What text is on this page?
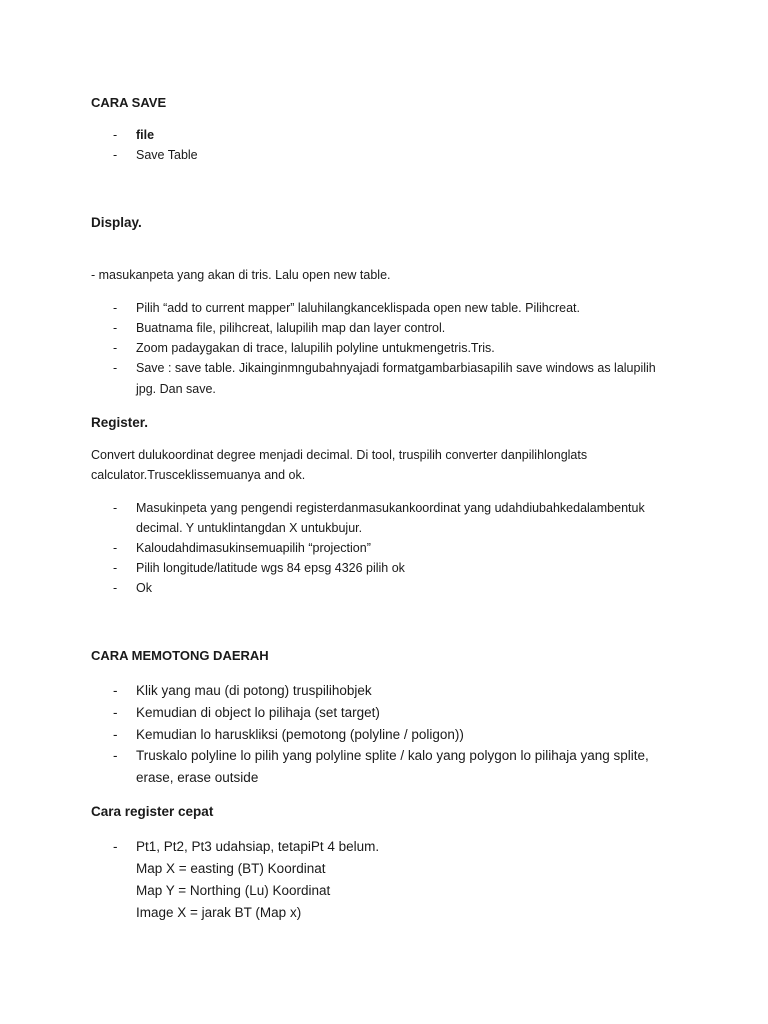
CARA SAVE
- file
- Save Table
Display.
- masukanpeta yang akan di tris. Lalu open new table.
- Pilih “add to current mapper” laluhilangkanceklispada open new table. Pilihcreat.
- Buatnama file, pilihcreat, lalupilih map dan layer control.
- Zoom padaygakan di trace, lalupilih polyline untukmengetris.Tris.
- Save : save table. Jikainginmngubahnyajadi formatgambarbiasapilih save windows as lalupilih
jpg. Dan save.
Register.
Convert dulukoordinat degree menjadi decimal. Di tool, truspilih converter danpilihlonglats
calculator.Trusceklissemuanya and ok.
- Masukinpeta yang pengendi registerdanmasukankoordinat yang udahdiubahkedalambentuk
decimal. Y untuklintangdan X untukbujur.
- Kaloudahdimasukinsemuapilih “projection”
- Pilih longitude/latitude wgs 84 epsg 4326 pilih ok
- Ok
CARA MEMOTONG DAERAH
- Klik yang mau (di potong) truspilihobjek
- Kemudian di object lo pilihaja (set target)
- Kemudian lo haruskliksi (pemotong (polyline / poligon))
- Truskalo polyline lo pilih yang polyline splite / kalo yang polygon lo pilihaja yang splite,
erase, erase outside
Cara register cepat
- Pt1, Pt2, Pt3 udahsiap, tetapiPt 4 belum.
Map X = easting (BT) Koordinat
Map Y = Northing (Lu) Koordinat
Image X = jarak BT (Map x)
